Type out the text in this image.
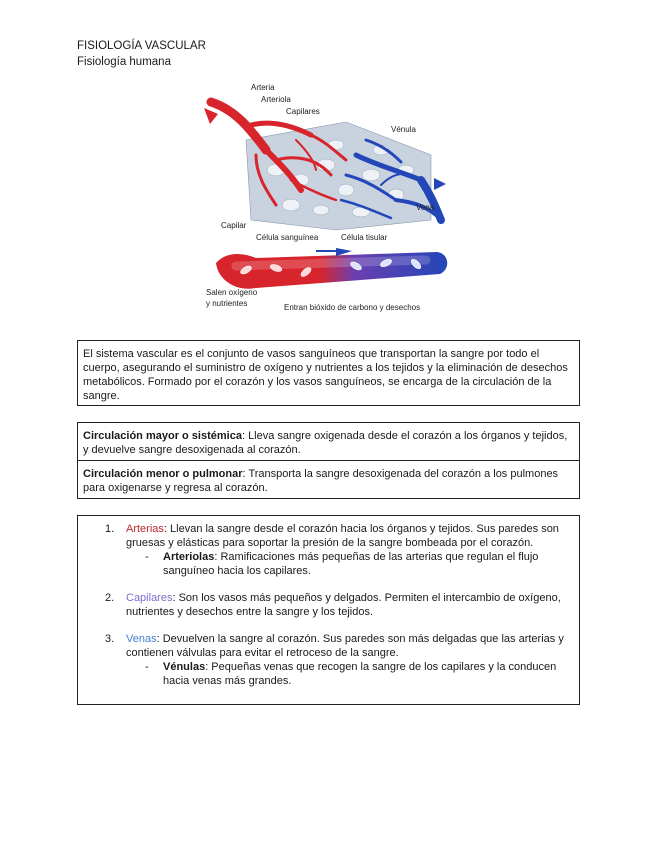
FISIOLOGÍA VASCULAR
Fisiología humana
Arteria
Arteriola
Capilares
Vénula
Vena
Capilar
Célula sanguínea	Célula tisular
Salen oxígeno
y nutrientes	Entran bióxido de carbono y desechos
El sistema vascular es el conjunto de vasos sanguíneos que transportan la sangre por todo el cuerpo, asegurando el suministro de oxígeno y nutrientes a los tejidos y la eliminación de desechos metabólicos. Formado por el corazón y los vasos sanguíneos, se encarga de la circulación de la sangre.
Circulación mayor o sistémica: Lleva sangre oxigenada desde el corazón a los órganos y tejidos, y devuelve sangre desoxigenada al corazón.
Circulación menor o pulmonar: Transporta la sangre desoxigenada del corazón a los pulmones para oxigenarse y regresa al corazón.
1. Arterias: Llevan la sangre desde el corazón hacia los órganos y tejidos. Sus paredes son gruesas y elásticas para soportar la presión de la sangre bombeada por el corazón.
- Arteriolas: Ramificaciones más pequeñas de las arterias que regulan el flujo sanguíneo hacia los capilares.
2. Capilares: Son los vasos más pequeños y delgados. Permiten el intercambio de oxígeno, nutrientes y desechos entre la sangre y los tejidos.
3. Venas: Devuelven la sangre al corazón. Sus paredes son más delgadas que las arterias y contienen válvulas para evitar el retroceso de la sangre.
- Vénulas: Pequeñas venas que recogen la sangre de los capilares y la conducen hacia venas más grandes.
